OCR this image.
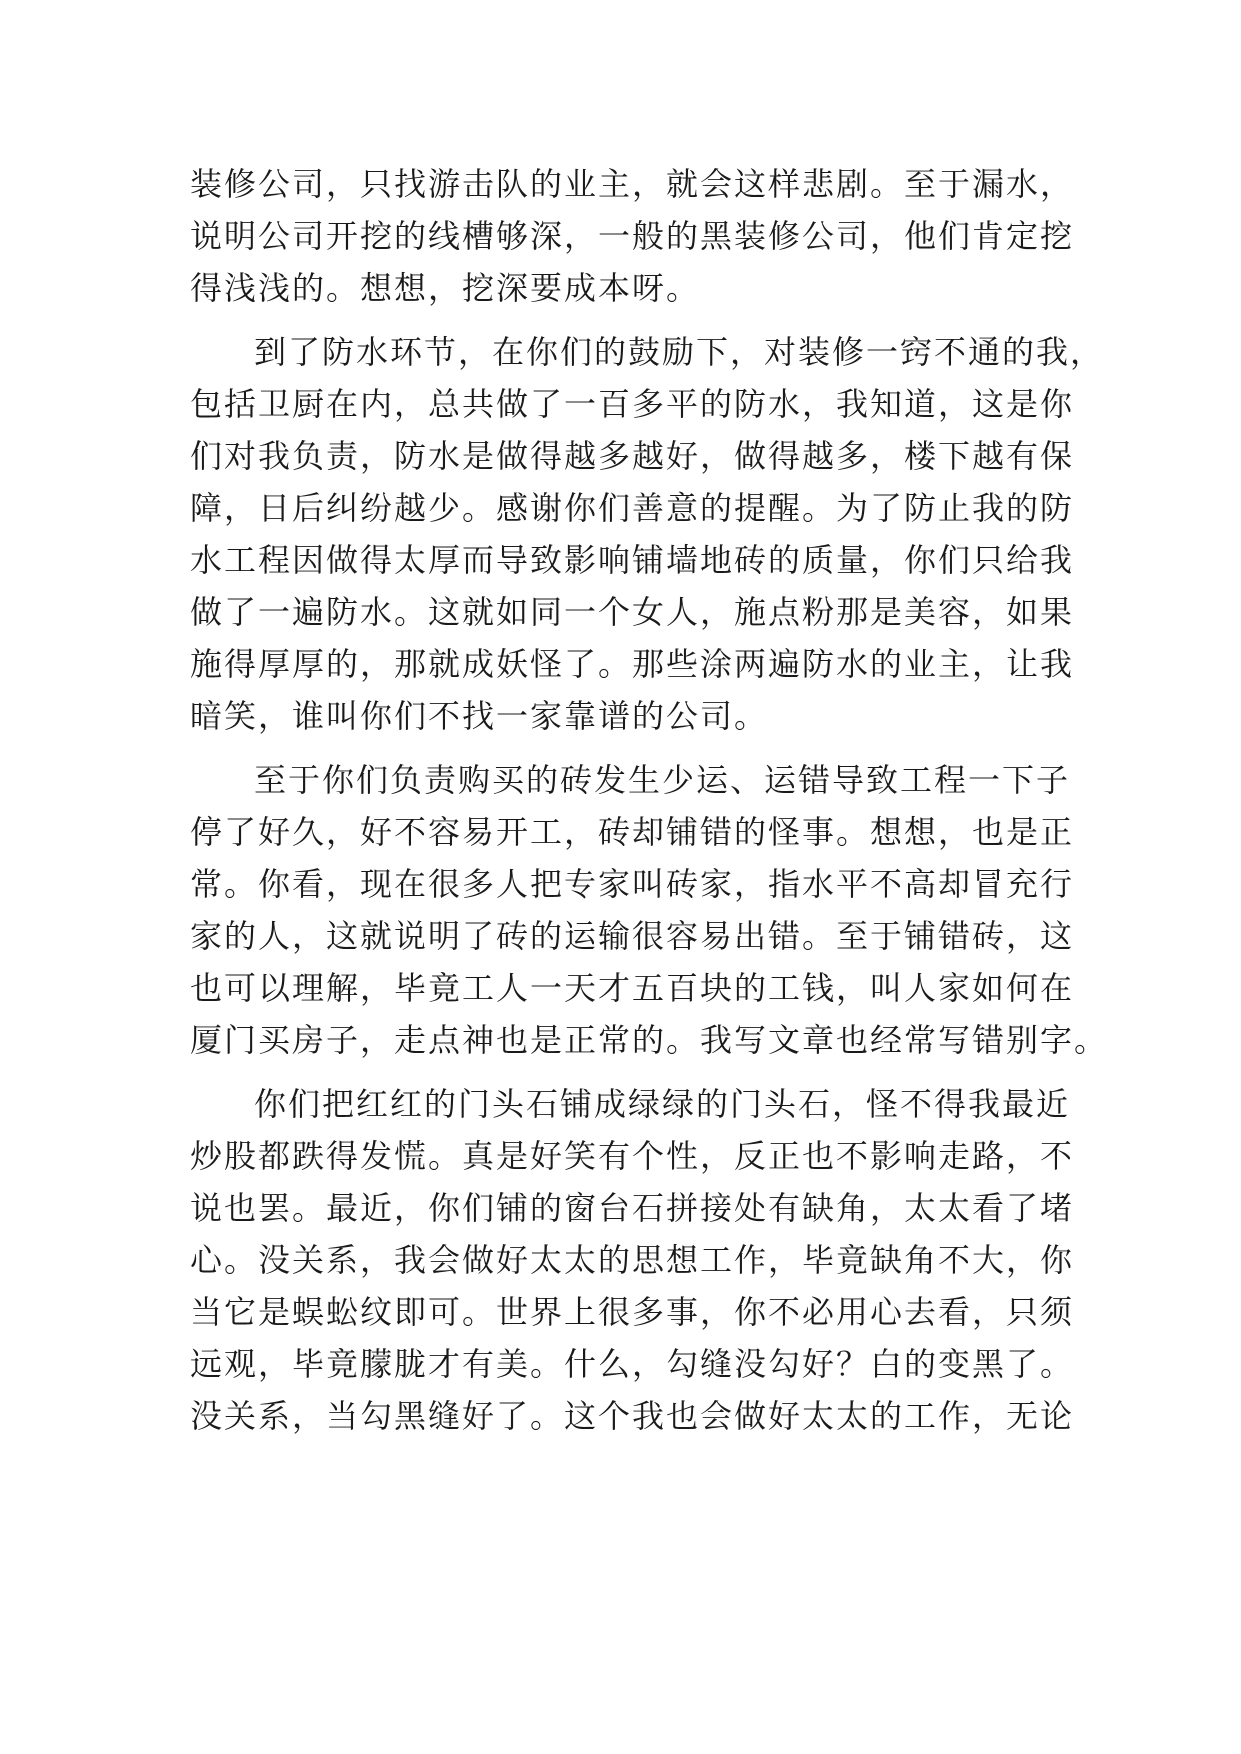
装修公司，只找游击队的业主，就会这样悲剧。至于漏水，
说明公司开挖的线槽够深，一般的黑装修公司，他们肯定挖
得浅浅的。想想，挖深要成本呀。
到了防水环节，在你们的鼓励下，对装修一窍不通的我，
包括卫厨在内，总共做了一百多平的防水，我知道，这是你
们对我负责，防水是做得越多越好，做得越多，楼下越有保
障，日后纠纷越少。感谢你们善意的提醒。为了防止我的防
水工程因做得太厚而导致影响铺墙地砖的质量，你们只给我
做了一遍防水。这就如同一个女人，施点粉那是美容，如果
施得厚厚的，那就成妖怪了。那些涂两遍防水的业主，让我
暗笑，谁叫你们不找一家靠谱的公司。
至于你们负责购买的砖发生少运、运错导致工程一下子
停了好久，好不容易开工，砖却铺错的怪事。想想，也是正
常。你看，现在很多人把专家叫砖家，指水平不高却冒充行
家的人，这就说明了砖的运输很容易出错。至于铺错砖，这
也可以理解，毕竟工人一天才五百块的工钱，叫人家如何在
厦门买房子，走点神也是正常的。我写文章也经常写错别字。
你们把红红的门头石铺成绿绿的门头石，怪不得我最近
炒股都跌得发慌。真是好笑有个性，反正也不影响走路，不
说也罢。最近，你们铺的窗台石拼接处有缺角，太太看了堵
心。没关系，我会做好太太的思想工作，毕竟缺角不大，你
当它是蜈蚣纹即可。世界上很多事，你不必用心去看，只须
远观，毕竟朦胧才有美。什么，勾缝没勾好？白的变黑了。
没关系，当勾黑缝好了。这个我也会做好太太的工作，无论
